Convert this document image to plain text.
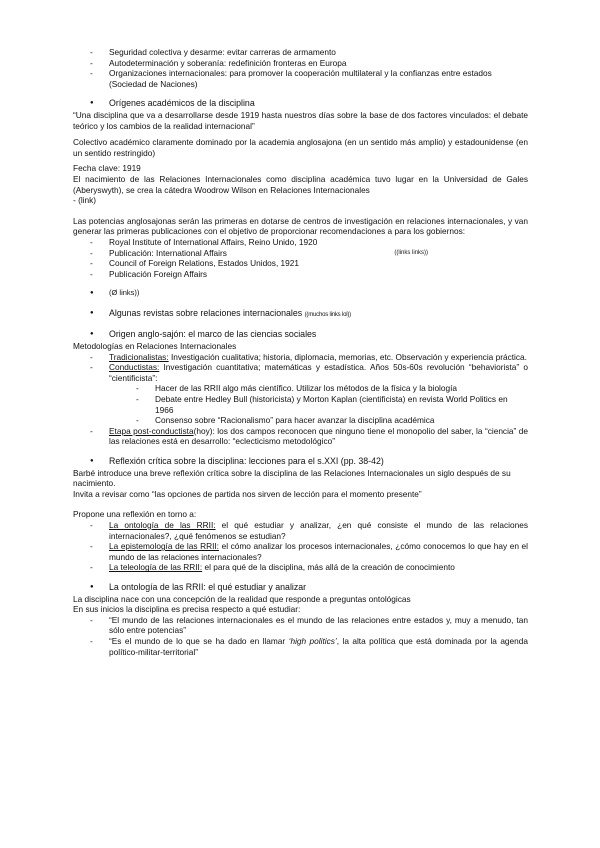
- Seguridad colectiva y desarme: evitar carreras de armamento

- Autodeterminación y soberanía: redefinición fronteras en Europa

- Organizaciones internacionales: para promover la cooperación multilateral y la confianzas entre estados (Sociedad de Naciones)

● Orígenes académicos de la disciplina

“Una disciplina que va a desarrollarse desde 1919 hasta nuestros días sobre la base de dos factores vinculados: el debate teórico y los cambios de la realidad internacional”

Colectivo académico claramente dominado por la academia anglosajona (en un sentido más amplio) y estadounidense (en un sentido restringido)

Fecha clave: 1919

El nacimiento de las Relaciones Internacionales como disciplina académica tuvo lugar en la Universidad de Gales (Aberyswyth), se crea la cátedra Woodrow Wilson en Relaciones Internacionales

- (link)

Las potencias anglosajonas serán las primeras en dotarse de centros de investigación en relaciones internacionales, y van generar las primeras publicaciones con el objetivo de proporcionar recomendaciones a para los gobiernos:

- Royal Institute of International Affairs, Reino Unido, 1920

- Publicación: International Affairs	((links links))

- Council of Foreign Relations, Estados Unidos, 1921

- Publicación Foreign Affairs

● (Ø links))

● Algunas revistas sobre relaciones internacionales ((muchos links lol))

● Origen anglo-sajón: el marco de las ciencias sociales

Metodologías en Relaciones Internacionales

- Tradicionalistas: Investigación cualitativa; historia, diplomacia, memorias, etc. Observación y experiencia práctica.

- Conductistas: Investigación cuantitativa; matemáticas y estadística. Años 50s-60s revolución “behaviorista” o “cientificista”:

- Hacer de las RRII algo más científico. Utilizar los métodos de la física y la biología

- Debate entre Hedley Bull (historicista) y Morton Kaplan (cientificista) en revista World Politics en 1966

- Consenso sobre “Racionalismo” para hacer avanzar la disciplina académica

- Etapa post-conductista(hoy): los dos campos reconocen que ninguno tiene el monopolio del saber, la “ciencia” de las relaciones está en desarrollo: “eclecticismo metodológico”

● Reflexión crítica sobre la disciplina: lecciones para el s.XXI (pp. 38-42)

Barbé introduce una breve reflexión crítica sobre la disciplina de las Relaciones Internacionales un siglo después de su nacimiento.

Invita a revisar como “las opciones de partida nos sirven de lección para el momento presente”

Propone una reflexión en torno a:

- La ontología de las RRII: el qué estudiar y analizar, ¿en qué consiste el mundo de las relaciones internacionales?, ¿qué fenómenos se estudian?

- La epistemología de las RRII: el cómo analizar los procesos internacionales, ¿cómo conocemos lo que hay en el mundo de las relaciones internacionales?

- La teleología de las RRII: el para qué de la disciplina, más allá de la creación de conocimiento

● La ontología de las RRII: el qué estudiar y analizar

La disciplina nace con una concepción de la realidad que responde a preguntas ontológicas

En sus inicios la disciplina es precisa respecto a qué estudiar:

- “El mundo de las relaciones internacionales es el mundo de las relaciones entre estados y, muy a menudo, tan sólo entre potencias”

- “Es el mundo de lo que se ha dado en llamar ‘high politics’, la alta política que está dominada por la agenda político-militar-territorial”
